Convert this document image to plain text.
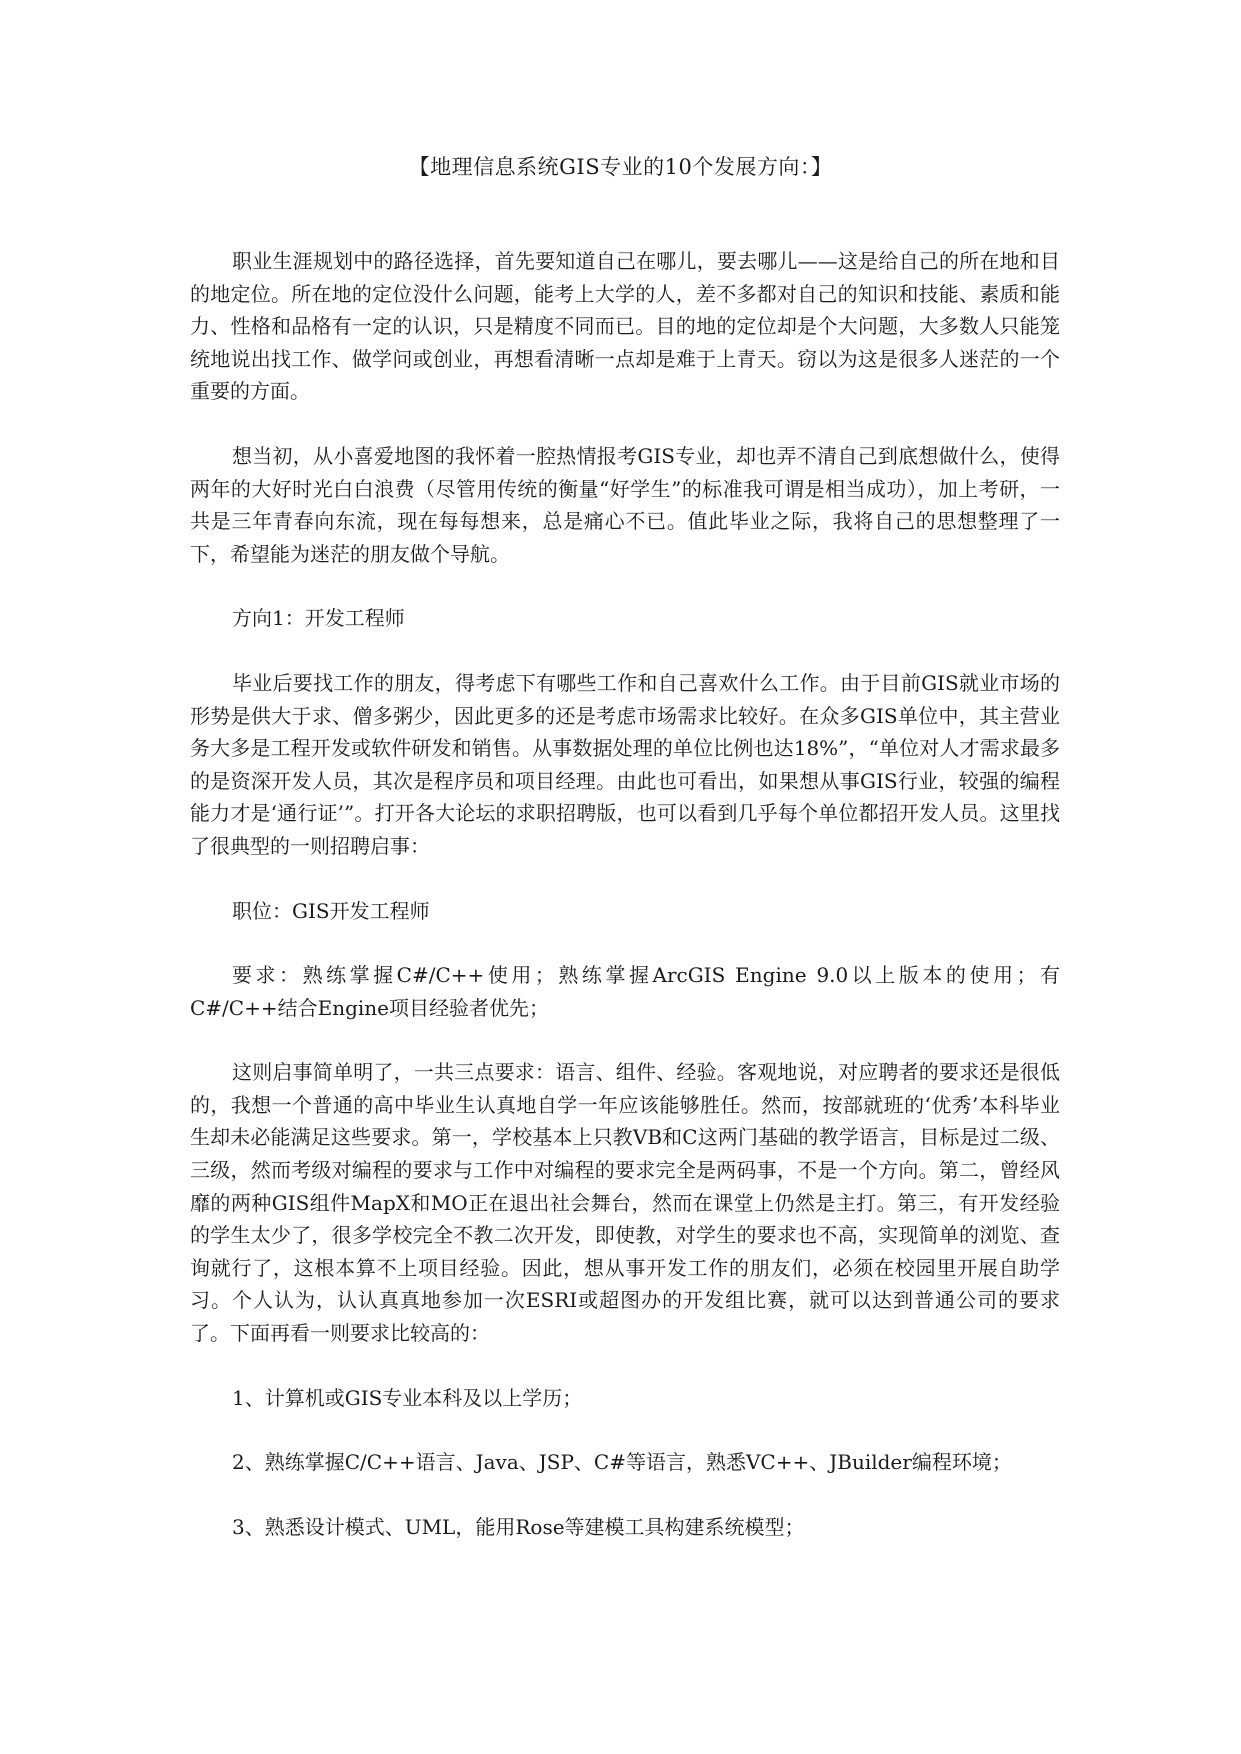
【地理信息系统GIS专业的10个发展方向：】

职业生涯规划中的路径选择，首先要知道自己在哪儿，要去哪儿——这是给自己的所在地和目的地定位。所在地的定位没什么问题，能考上大学的人，差不多都对自己的知识和技能、素质和能力、性格和品格有一定的认识，只是精度不同而已。目的地的定位却是个大问题，大多数人只能笼统地说出找工作、做学问或创业，再想看清晰一点却是难于上青天。窃以为这是很多人迷茫的一个重要的方面。

想当初，从小喜爱地图的我怀着一腔热情报考GIS专业，却也弄不清自己到底想做什么，使得两年的大好时光白白浪费（尽管用传统的衡量“好学生”的标准我可谓是相当成功），加上考研，一共是三年青春向东流，现在每每想来，总是痛心不已。值此毕业之际，我将自己的思想整理了一下，希望能为迷茫的朋友做个导航。

方向1：开发工程师

毕业后要找工作的朋友，得考虑下有哪些工作和自己喜欢什么工作。由于目前GIS就业市场的形势是供大于求、僧多粥少，因此更多的还是考虑市场需求比较好。在众多GIS单位中，其主营业务大多是工程开发或软件研发和销售。从事数据处理的单位比例也达18%”，“单位对人才需求最多的是资深开发人员，其次是程序员和项目经理。由此也可看出，如果想从事GIS行业，较强的编程能力才是‘通行证’”。打开各大论坛的求职招聘版，也可以看到几乎每个单位都招开发人员。这里找了很典型的一则招聘启事：

职位：GIS开发工程师

要求：熟练掌握C#/C++使用；熟练掌握ArcGIS Engine 9.0以上版本的使用；有C#/C++结合Engine项目经验者优先；

这则启事简单明了，一共三点要求：语言、组件、经验。客观地说，对应聘者的要求还是很低的，我想一个普通的高中毕业生认真地自学一年应该能够胜任。然而，按部就班的‘优秀’本科毕业生却未必能满足这些要求。第一，学校基本上只教VB和C这两门基础的教学语言，目标是过二级、三级，然而考级对编程的要求与工作中对编程的要求完全是两码事，不是一个方向。第二，曾经风靡的两种GIS组件MapX和MO正在退出社会舞台，然而在课堂上仍然是主打。第三，有开发经验的学生太少了，很多学校完全不教二次开发，即使教，对学生的要求也不高，实现简单的浏览、查询就行了，这根本算不上项目经验。因此，想从事开发工作的朋友们，必须在校园里开展自助学习。个人认为，认认真真地参加一次ESRI或超图办的开发组比赛，就可以达到普通公司的要求了。下面再看一则要求比较高的：

1、计算机或GIS专业本科及以上学历；

2、熟练掌握C/C++语言、Java、JSP、C#等语言，熟悉VC++、JBuilder编程环境；

3、熟悉设计模式、UML，能用Rose等建模工具构建系统模型；
